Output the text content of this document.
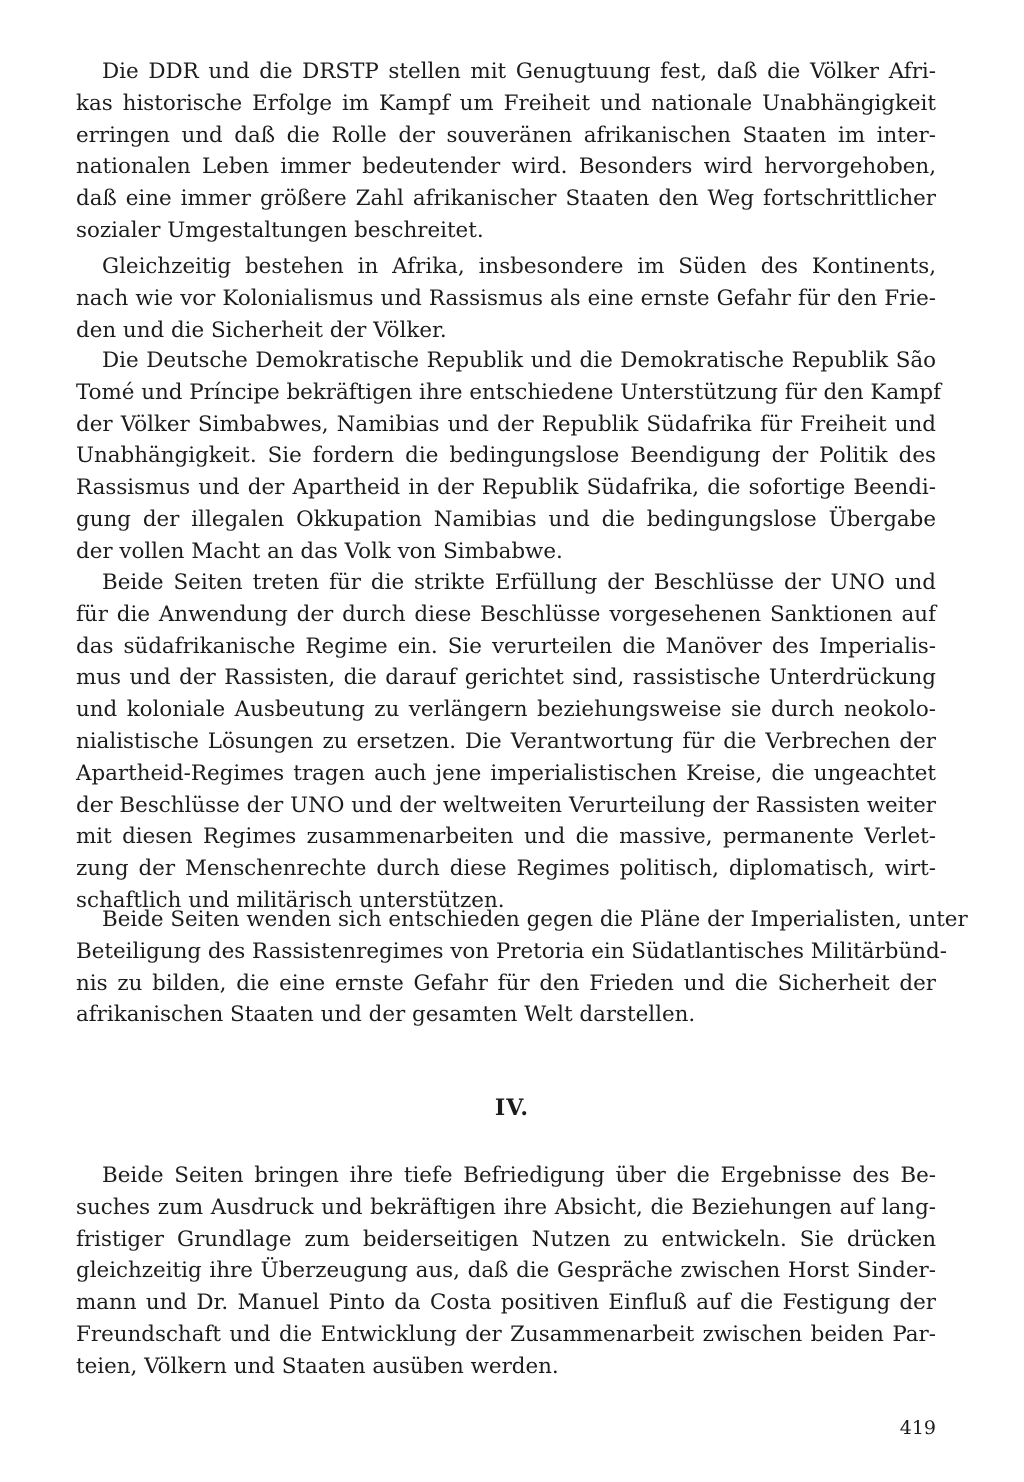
Die DDR und die DRSTP stellen mit Genugtuung fest, daß die Völker Afri-
kas historische Erfolge im Kampf um Freiheit und nationale Unabhängigkeit
erringen und daß die Rolle der souveränen afrikanischen Staaten im inter-
nationalen Leben immer bedeutender wird. Besonders wird hervorgehoben,
daß eine immer größere Zahl afrikanischer Staaten den Weg fortschrittlicher
sozialer Umgestaltungen beschreitet.
Gleichzeitig bestehen in Afrika, insbesondere im Süden des Kontinents,
nach wie vor Kolonialismus und Rassismus als eine ernste Gefahr für den Frie-
den und die Sicherheit der Völker.
Die Deutsche Demokratische Republik und die Demokratische Republik São
Tomé und Príncipe bekräftigen ihre entschiedene Unterstützung für den Kampf
der Völker Simbabwes, Namibias und der Republik Südafrika für Freiheit und
Unabhängigkeit. Sie fordern die bedingungslose Beendigung der Politik des
Rassismus und der Apartheid in der Republik Südafrika, die sofortige Beendi-
gung der illegalen Okkupation Namibias und die bedingungslose Übergabe
der vollen Macht an das Volk von Simbabwe.
Beide Seiten treten für die strikte Erfüllung der Beschlüsse der UNO und
für die Anwendung der durch diese Beschlüsse vorgesehenen Sanktionen auf
das südafrikanische Regime ein. Sie verurteilen die Manöver des Imperialis-
mus und der Rassisten, die darauf gerichtet sind, rassistische Unterdrückung
und koloniale Ausbeutung zu verlängern beziehungsweise sie durch neokolo-
nialistische Lösungen zu ersetzen. Die Verantwortung für die Verbrechen der
Apartheid-Regimes tragen auch jene imperialistischen Kreise, die ungeachtet
der Beschlüsse der UNO und der weltweiten Verurteilung der Rassisten weiter
mit diesen Regimes zusammenarbeiten und die massive, permanente Verlet-
zung der Menschenrechte durch diese Regimes politisch, diplomatisch, wirt-
schaftlich und militärisch unterstützen.
Beide Seiten wenden sich entschieden gegen die Pläne der Imperialisten, unter
Beteiligung des Rassistenregimes von Pretoria ein Südatlantisches Militärbünd-
nis zu bilden, die eine ernste Gefahr für den Frieden und die Sicherheit der
afrikanischen Staaten und der gesamten Welt darstellen.
IV.
Beide Seiten bringen ihre tiefe Befriedigung über die Ergebnisse des Be-
suches zum Ausdruck und bekräftigen ihre Absicht, die Beziehungen auf lang-
fristiger Grundlage zum beiderseitigen Nutzen zu entwickeln. Sie drücken
gleichzeitig ihre Überzeugung aus, daß die Gespräche zwischen Horst Sinder-
mann und Dr. Manuel Pinto da Costa positiven Einfluß auf die Festigung der
Freundschaft und die Entwicklung der Zusammenarbeit zwischen beiden Par-
teien, Völkern und Staaten ausüben werden.
419
